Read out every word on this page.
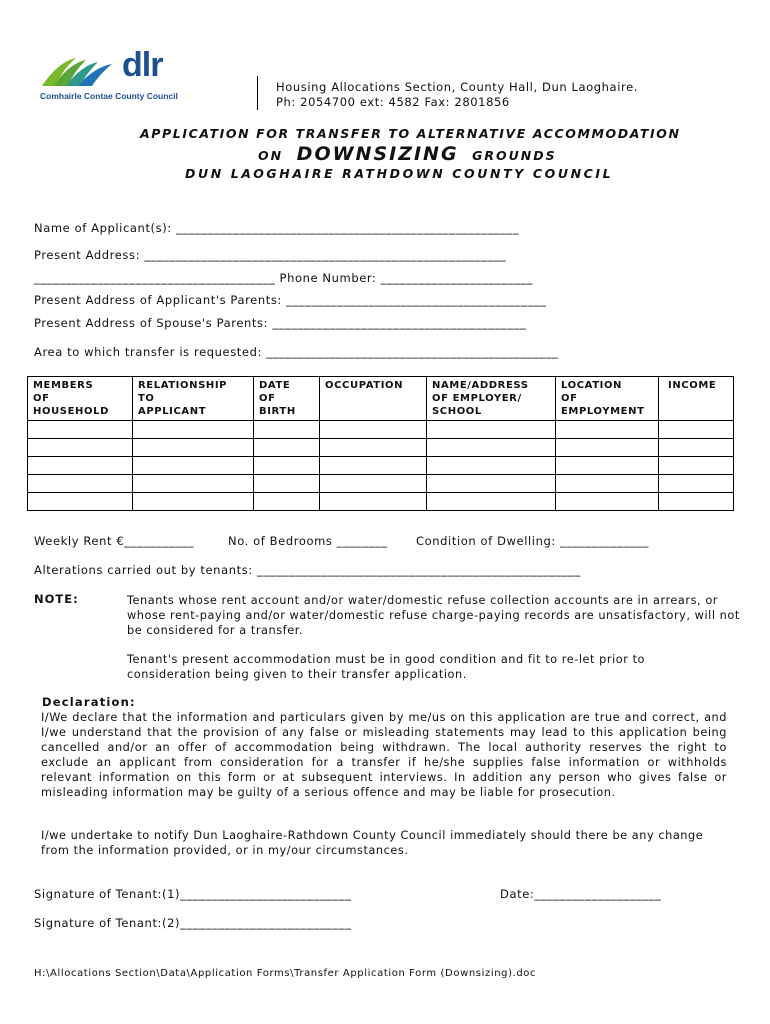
dlr
Comhairle Contae County Council
Housing Allocations Section, County Hall, Dun Laoghaire.
Ph: 2054700 ext: 4582 Fax: 2801856
APPLICATION FOR TRANSFER TO ALTERNATIVE ACCOMMODATION
ON DOWNSIZING GROUNDS
DUN LAOGHAIRE RATHDOWN COUNTY COUNCIL
Name of Applicant(s): ______________________________________________________
Present Address: _________________________________________________________
______________________________________ Phone Number: ________________________
Present Address of Applicant's Parents: _________________________________________
Present Address of Spouse's Parents: ________________________________________
Area to which transfer is requested: ______________________________________________
MEMBERS
OF
HOUSEHOLD	RELATIONSHIP
TO
APPLICANT	DATE
OF
BIRTH	OCCUPATION	NAME/ADDRESS
OF EMPLOYER/
SCHOOL	LOCATION
OF
EMPLOYMENT	INCOME

Weekly Rent €___________	No. of Bedrooms ________ Condition of Dwelling: ______________
Alterations carried out by tenants: ___________________________________________________
NOTE:	Tenants whose rent account and/or water/domestic refuse collection accounts are in arrears, or whose rent-paying and/or water/domestic refuse charge-paying records are unsatisfactory, will not be considered for a transfer.
Tenant's present accommodation must be in good condition and fit to re-let prior to consideration being given to their transfer application.
Declaration:
I/We declare that the information and particulars given by me/us on this application are true and correct, and I/we understand that the provision of any false or misleading statements may lead to this application being cancelled and/or an offer of accommodation being withdrawn. The local authority reserves the right to exclude an applicant from consideration for a transfer if he/she supplies false information or withholds relevant information on this form or at subsequent interviews. In addition any person who gives false or misleading information may be guilty of a serious offence and may be liable for prosecution.
I/we undertake to notify Dun Laoghaire-Rathdown County Council immediately should there be any change from the information provided, or in my/our circumstances.
Signature of Tenant:(1)___________________________	Date:____________________
Signature of Tenant:(2)___________________________
H:\Allocations Section\Data\Application Forms\Transfer Application Form (Downsizing).doc
